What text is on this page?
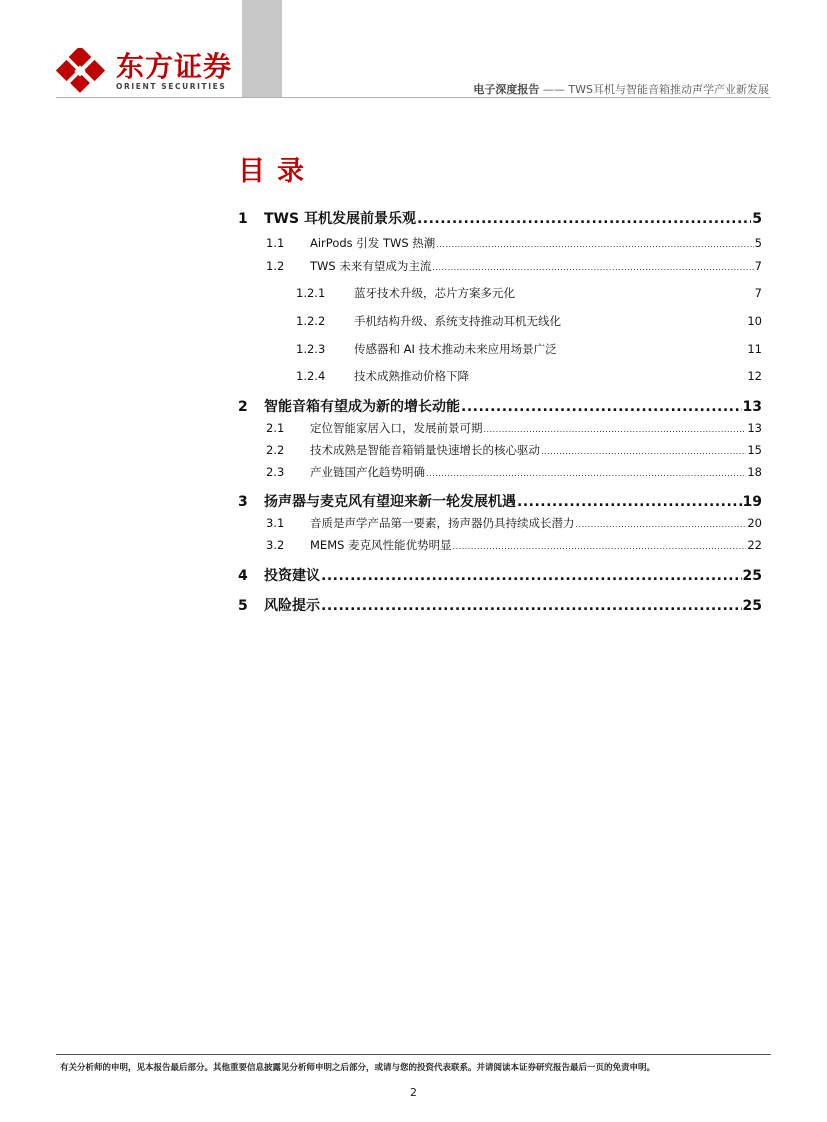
东方证券
ORIENT SECURITIES	电子深度报告 —— TWS耳机与智能音箱推动声学产业新发展
目录
1	TWS 耳机发展前景乐观 .....	5
1.1	AirPods 引发 TWS 热潮 .....	5
1.2	TWS 未来有望成为主流 .....	7
1.2.1	蓝牙技术升级，芯片方案多元化	7
1.2.2	手机结构升级、系统支持推动耳机无线化	10
1.2.3	传感器和 AI 技术推动未来应用场景广泛	11
1.2.4	技术成熟推动价格下降	12
2	智能音箱有望成为新的增长动能 .....	13
2.1	定位智能家居入口，发展前景可期 .....	13
2.2	技术成熟是智能音箱销量快速增长的核心驱动 .....	15
2.3	产业链国产化趋势明确 .....	18
3	扬声器与麦克风有望迎来新一轮发展机遇 .....	19
3.1	音质是声学产品第一要素，扬声器仍具持续成长潜力 .....	20
3.2	MEMS 麦克风性能优势明显 .....	22
4	投资建议 .....	25
5	风险提示 .....	25
有关分析师的申明，见本报告最后部分。其他重要信息披露见分析师申明之后部分，或请与您的投资代表联系。并请阅读本证券研究报告最后一页的免责申明。
2
